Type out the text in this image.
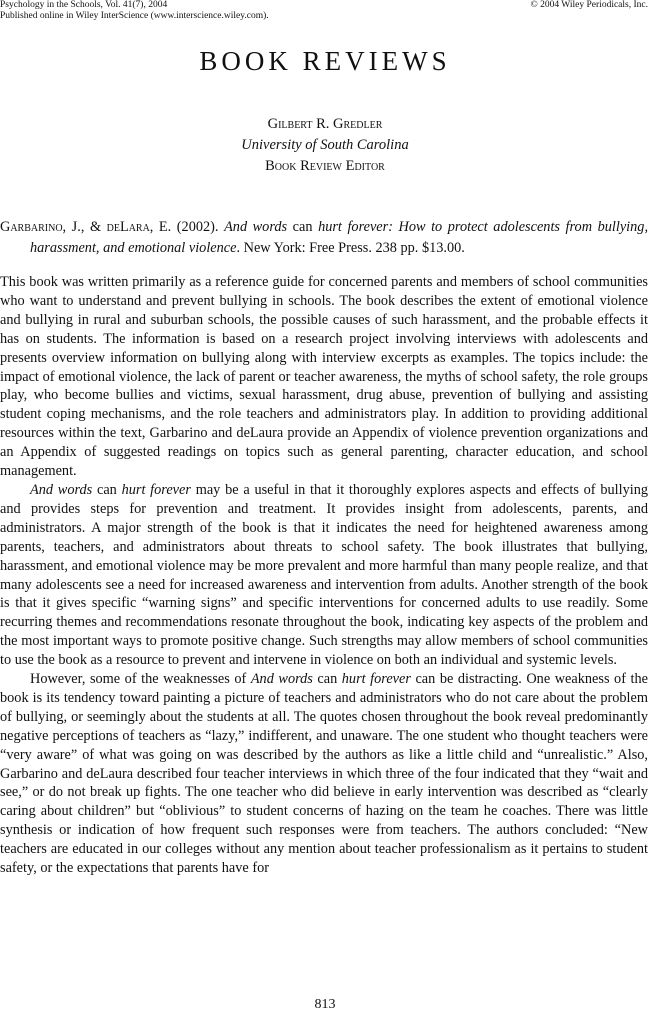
Psychology in the Schools, Vol. 41(7), 2004
Published online in Wiley InterScience (www.interscience.wiley.com).
© 2004 Wiley Periodicals, Inc.
BOOK REVIEWS
Gilbert R. Gredler
University of South Carolina
Book Review Editor
Garbarino, J., & deLara, E. (2002). And words can hurt forever: How to protect adolescents from bullying, harassment, and emotional violence. New York: Free Press. 238 pp. $13.00.

This book was written primarily as a reference guide for concerned parents and members of school communities who want to understand and prevent bullying in schools. The book describes the extent of emotional violence and bullying in rural and suburban schools, the possible causes of such harassment, and the probable effects it has on students. The information is based on a research project involving interviews with adolescents and presents overview information on bullying along with interview excerpts as examples. The topics include: the impact of emotional violence, the lack of parent or teacher awareness, the myths of school safety, the role groups play, who become bullies and victims, sexual harassment, drug abuse, prevention of bullying and assisting student coping mechanisms, and the role teachers and administrators play. In addition to providing additional resources within the text, Garbarino and deLaura provide an Appendix of violence prevention organizations and an Appendix of suggested readings on topics such as general parenting, character education, and school management.

And words can hurt forever may be a useful in that it thoroughly explores aspects and effects of bullying and provides steps for prevention and treatment. It provides insight from adolescents, parents, and administrators. A major strength of the book is that it indicates the need for heightened awareness among parents, teachers, and administrators about threats to school safety. The book illustrates that bullying, harassment, and emotional violence may be more prevalent and more harmful than many people realize, and that many adolescents see a need for increased awareness and intervention from adults. Another strength of the book is that it gives specific “warning signs” and specific interventions for concerned adults to use readily. Some recurring themes and recommendations resonate throughout the book, indicating key aspects of the problem and the most important ways to promote positive change. Such strengths may allow members of school communities to use the book as a resource to prevent and intervene in violence on both an individual and systemic levels.

However, some of the weaknesses of And words can hurt forever can be distracting. One weakness of the book is its tendency toward painting a picture of teachers and administrators who do not care about the problem of bullying, or seemingly about the students at all. The quotes chosen throughout the book reveal predominantly negative perceptions of teachers as “lazy,” indifferent, and unaware. The one student who thought teachers were “very aware” of what was going on was described by the authors as like a little child and “unrealistic.” Also, Garbarino and deLaura described four teacher interviews in which three of the four indicated that they “wait and see,” or do not break up fights. The one teacher who did believe in early intervention was described as “clearly caring about children” but “oblivious” to student concerns of hazing on the team he coaches. There was little synthesis or indication of how frequent such responses were from teachers. The authors concluded: “New teachers are educated in our colleges without any mention about teacher professionalism as it pertains to student safety, or the expectations that parents have for

813
